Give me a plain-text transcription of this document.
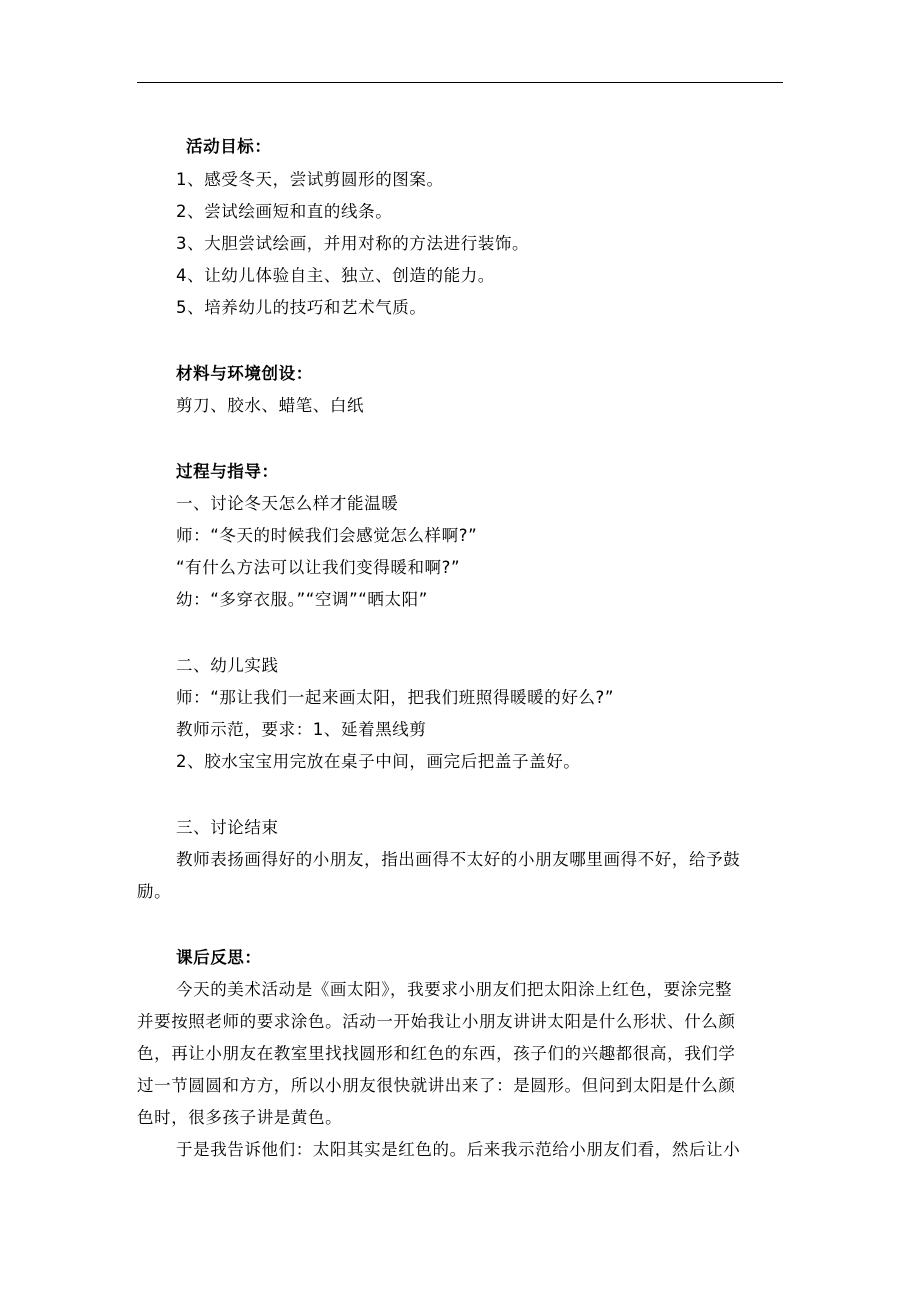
活动目标：
1、感受冬天，尝试剪圆形的图案。
2、尝试绘画短和直的线条。
3、大胆尝试绘画，并用对称的方法进行装饰。
4、让幼儿体验自主、独立、创造的能力。
5、培养幼儿的技巧和艺术气质。
材料与环境创设：
剪刀、胶水、蜡笔、白纸
过程与指导：
一、讨论冬天怎么样才能温暖
师：“冬天的时候我们会感觉怎么样啊?”
“有什么方法可以让我们变得暖和啊?”
幼：“多穿衣服。”“空调”“晒太阳”
二、幼儿实践
师：“那让我们一起来画太阳，把我们班照得暖暖的好么?”
教师示范，要求：1、延着黑线剪
2、胶水宝宝用完放在桌子中间，画完后把盖子盖好。
三、讨论结束
教师表扬画得好的小朋友，指出画得不太好的小朋友哪里画得不好，给予鼓
励。
课后反思：
今天的美术活动是《画太阳》，我要求小朋友们把太阳涂上红色，要涂完整
并要按照老师的要求涂色。活动一开始我让小朋友讲讲太阳是什么形状、什么颜
色，再让小朋友在教室里找找圆形和红色的东西，孩子们的兴趣都很高，我们学
过一节圆圆和方方，所以小朋友很快就讲出来了：是圆形。但问到太阳是什么颜
色时，很多孩子讲是黄色。
于是我告诉他们：太阳其实是红色的。后来我示范给小朋友们看，然后让小
